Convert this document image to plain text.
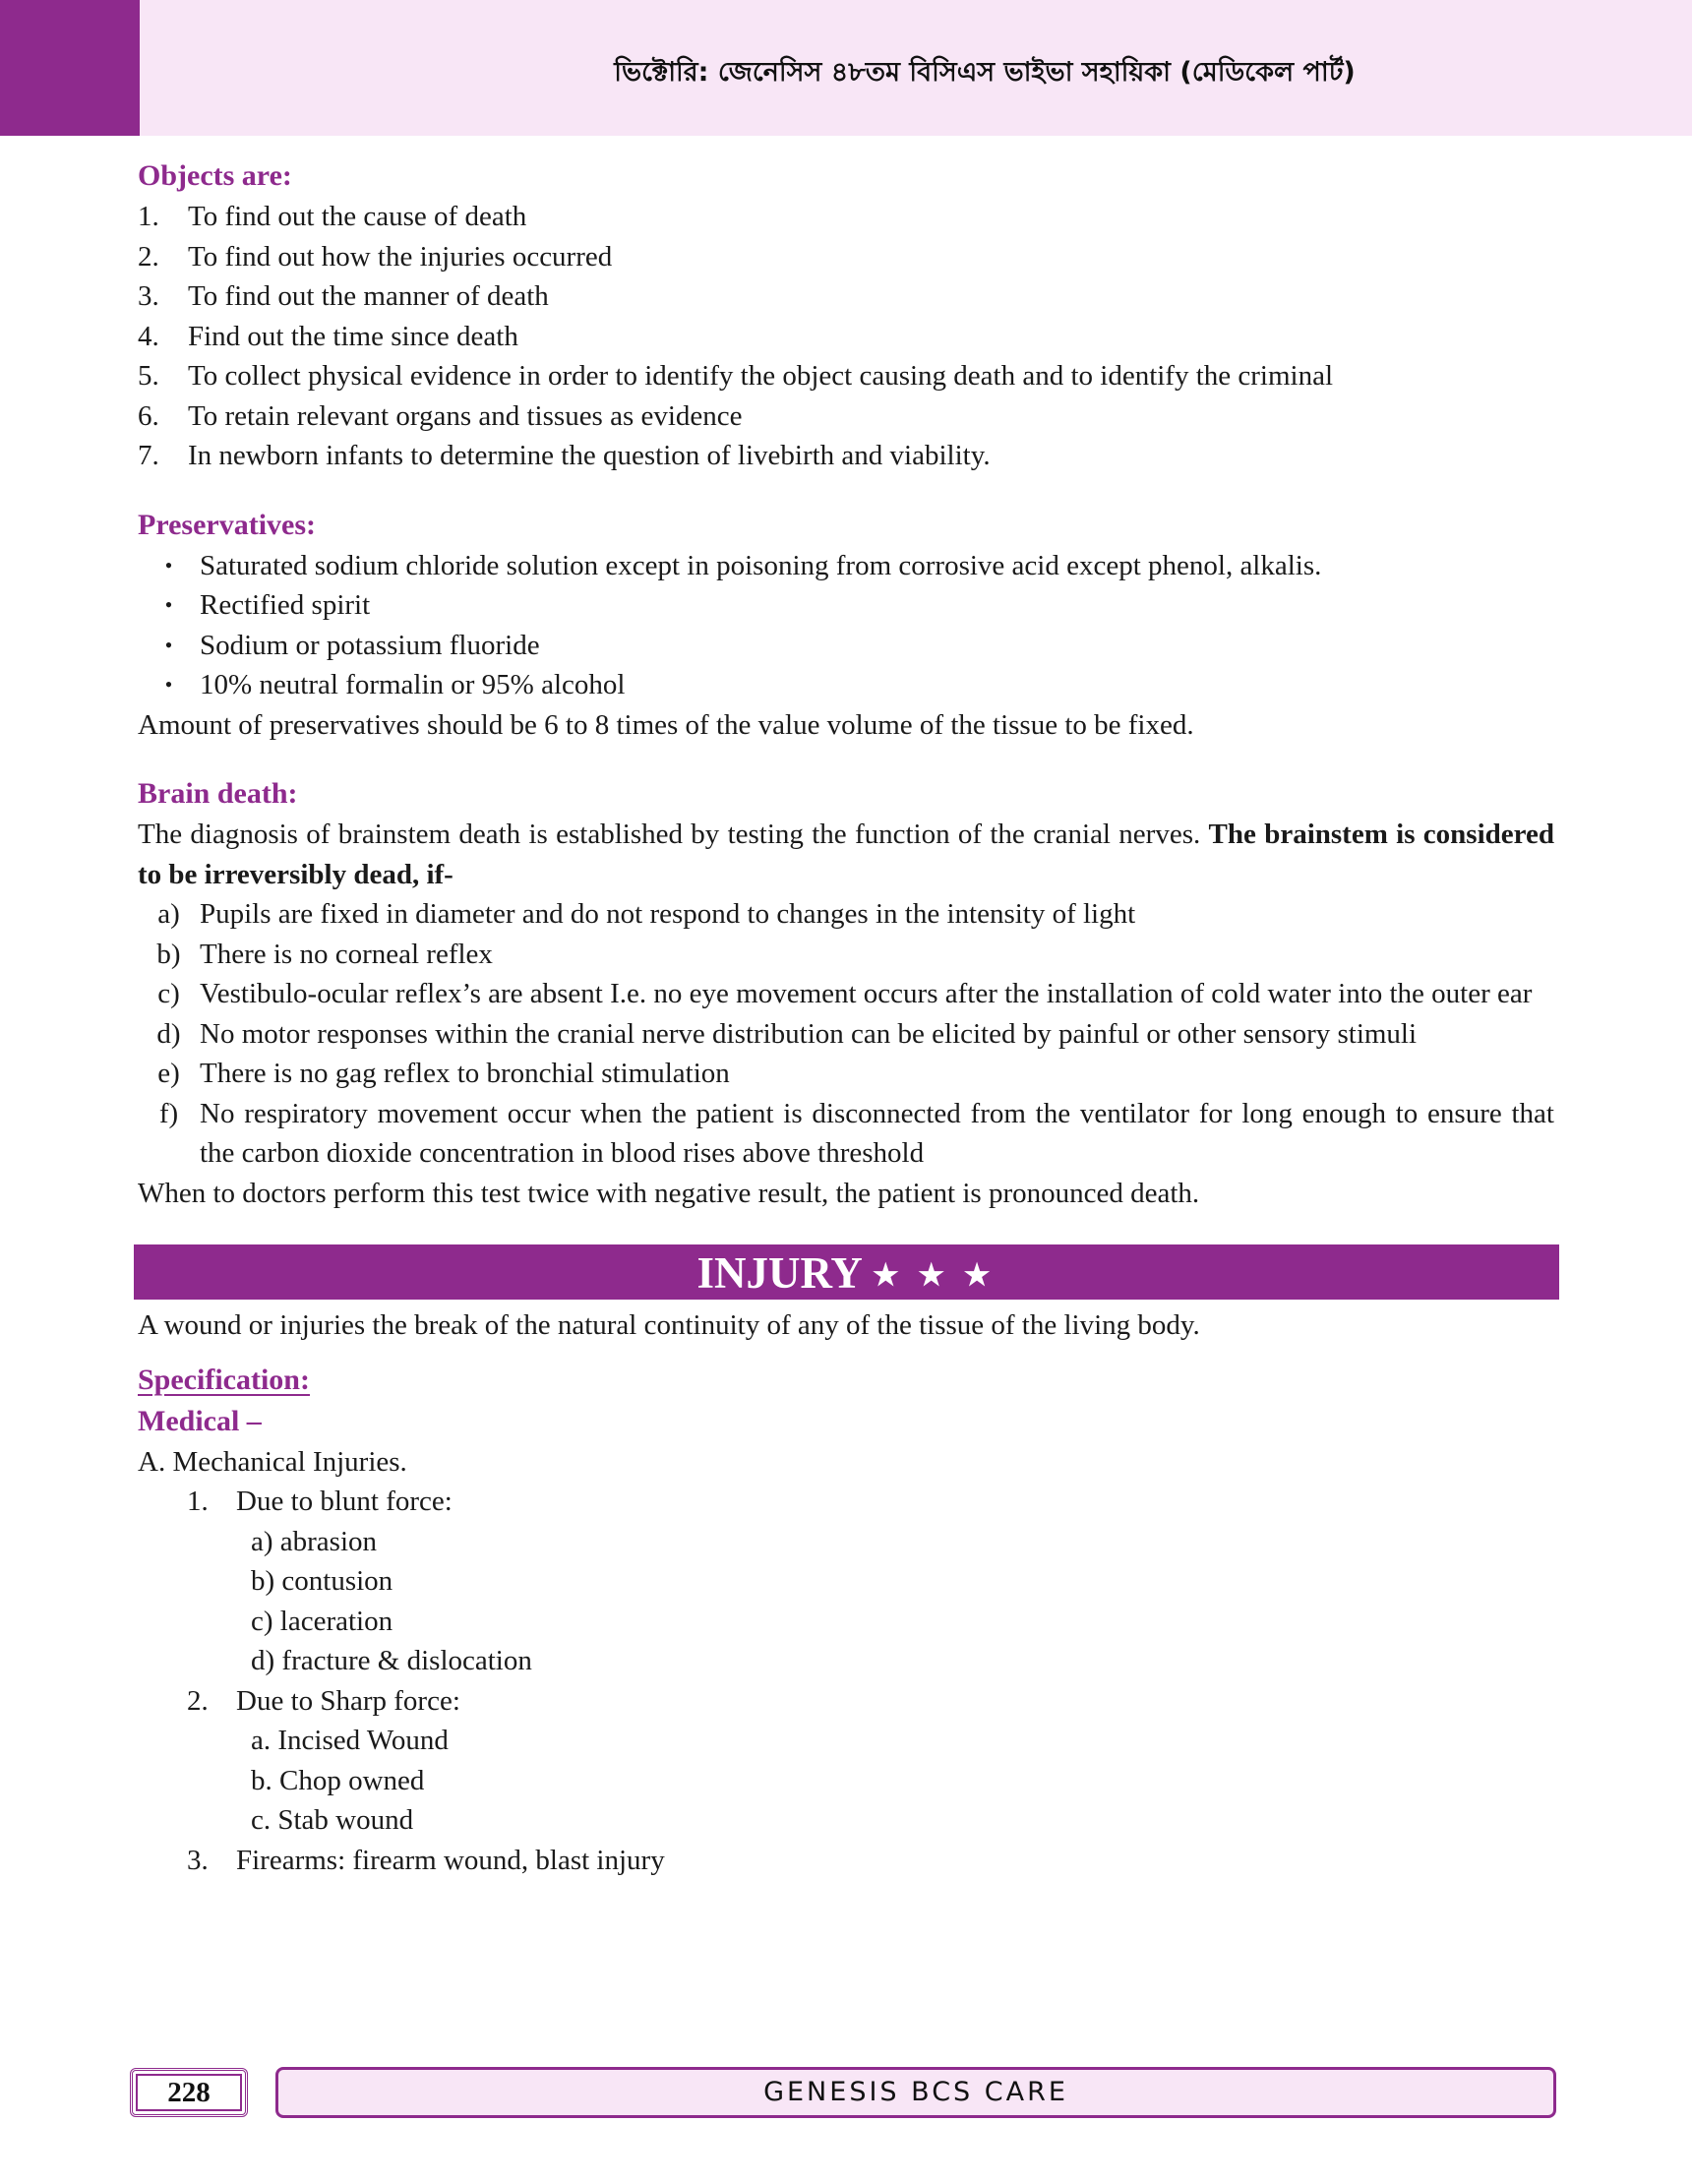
ভিক্টোরি: জেনেসিস ৪৮তম বিসিএস ভাইভা সহায়িকা (মেডিকেল পার্ট)
Objects are:
1.	To find out the cause of death
2.	To find out how the injuries occurred
3.	To find out the manner of death
4.	Find out the time since death
5.	To collect physical evidence in order to identify the object causing death and to identify the criminal
6.	To retain relevant organs and tissues as evidence
7.	In newborn infants to determine the question of livebirth and viability.
Preservatives:
• Saturated sodium chloride solution except in poisoning from corrosive acid except phenol, alkalis.
• Rectified spirit
• Sodium or potassium fluoride
• 10% neutral formalin or 95% alcohol

Amount of preservatives should be 6 to 8 times of the value volume of the tissue to be fixed.

Brain death:

The diagnosis of brainstem death is established by testing the function of the cranial nerves. The brainstem is considered to be irreversibly dead, if-

a) Pupils are fixed in diameter and do not respond to changes in the intensity of light
b) There is no corneal reflex
c) Vestibulo-ocular reflex’s are absent I.e. no eye movement occurs after the installation of cold water into the outer ear
d) No motor responses within the cranial nerve distribution can be elicited by painful or other sensory stimuli
e) There is no gag reflex to bronchial stimulation
f) No respiratory movement occur when the patient is disconnected from the ventilator for long enough to ensure that the carbon dioxide concentration in blood rises above threshold

When to doctors perform this test twice with negative result, the patient is pronounced death.

INJURY ★ ★ ★

A wound or injuries the break of the natural continuity of any of the tissue of the living body.

Specification:
Medical –

A. Mechanical Injuries.

1. Due to blunt force:
a) abrasion
b) contusion
c) laceration
d) fracture & dislocation
2. Due to Sharp force:
a. Incised Wound
b. Chop owned
c. Stab wound
3. Firearms: firearm wound, blast injury
228	GENESIS BCS CARE
